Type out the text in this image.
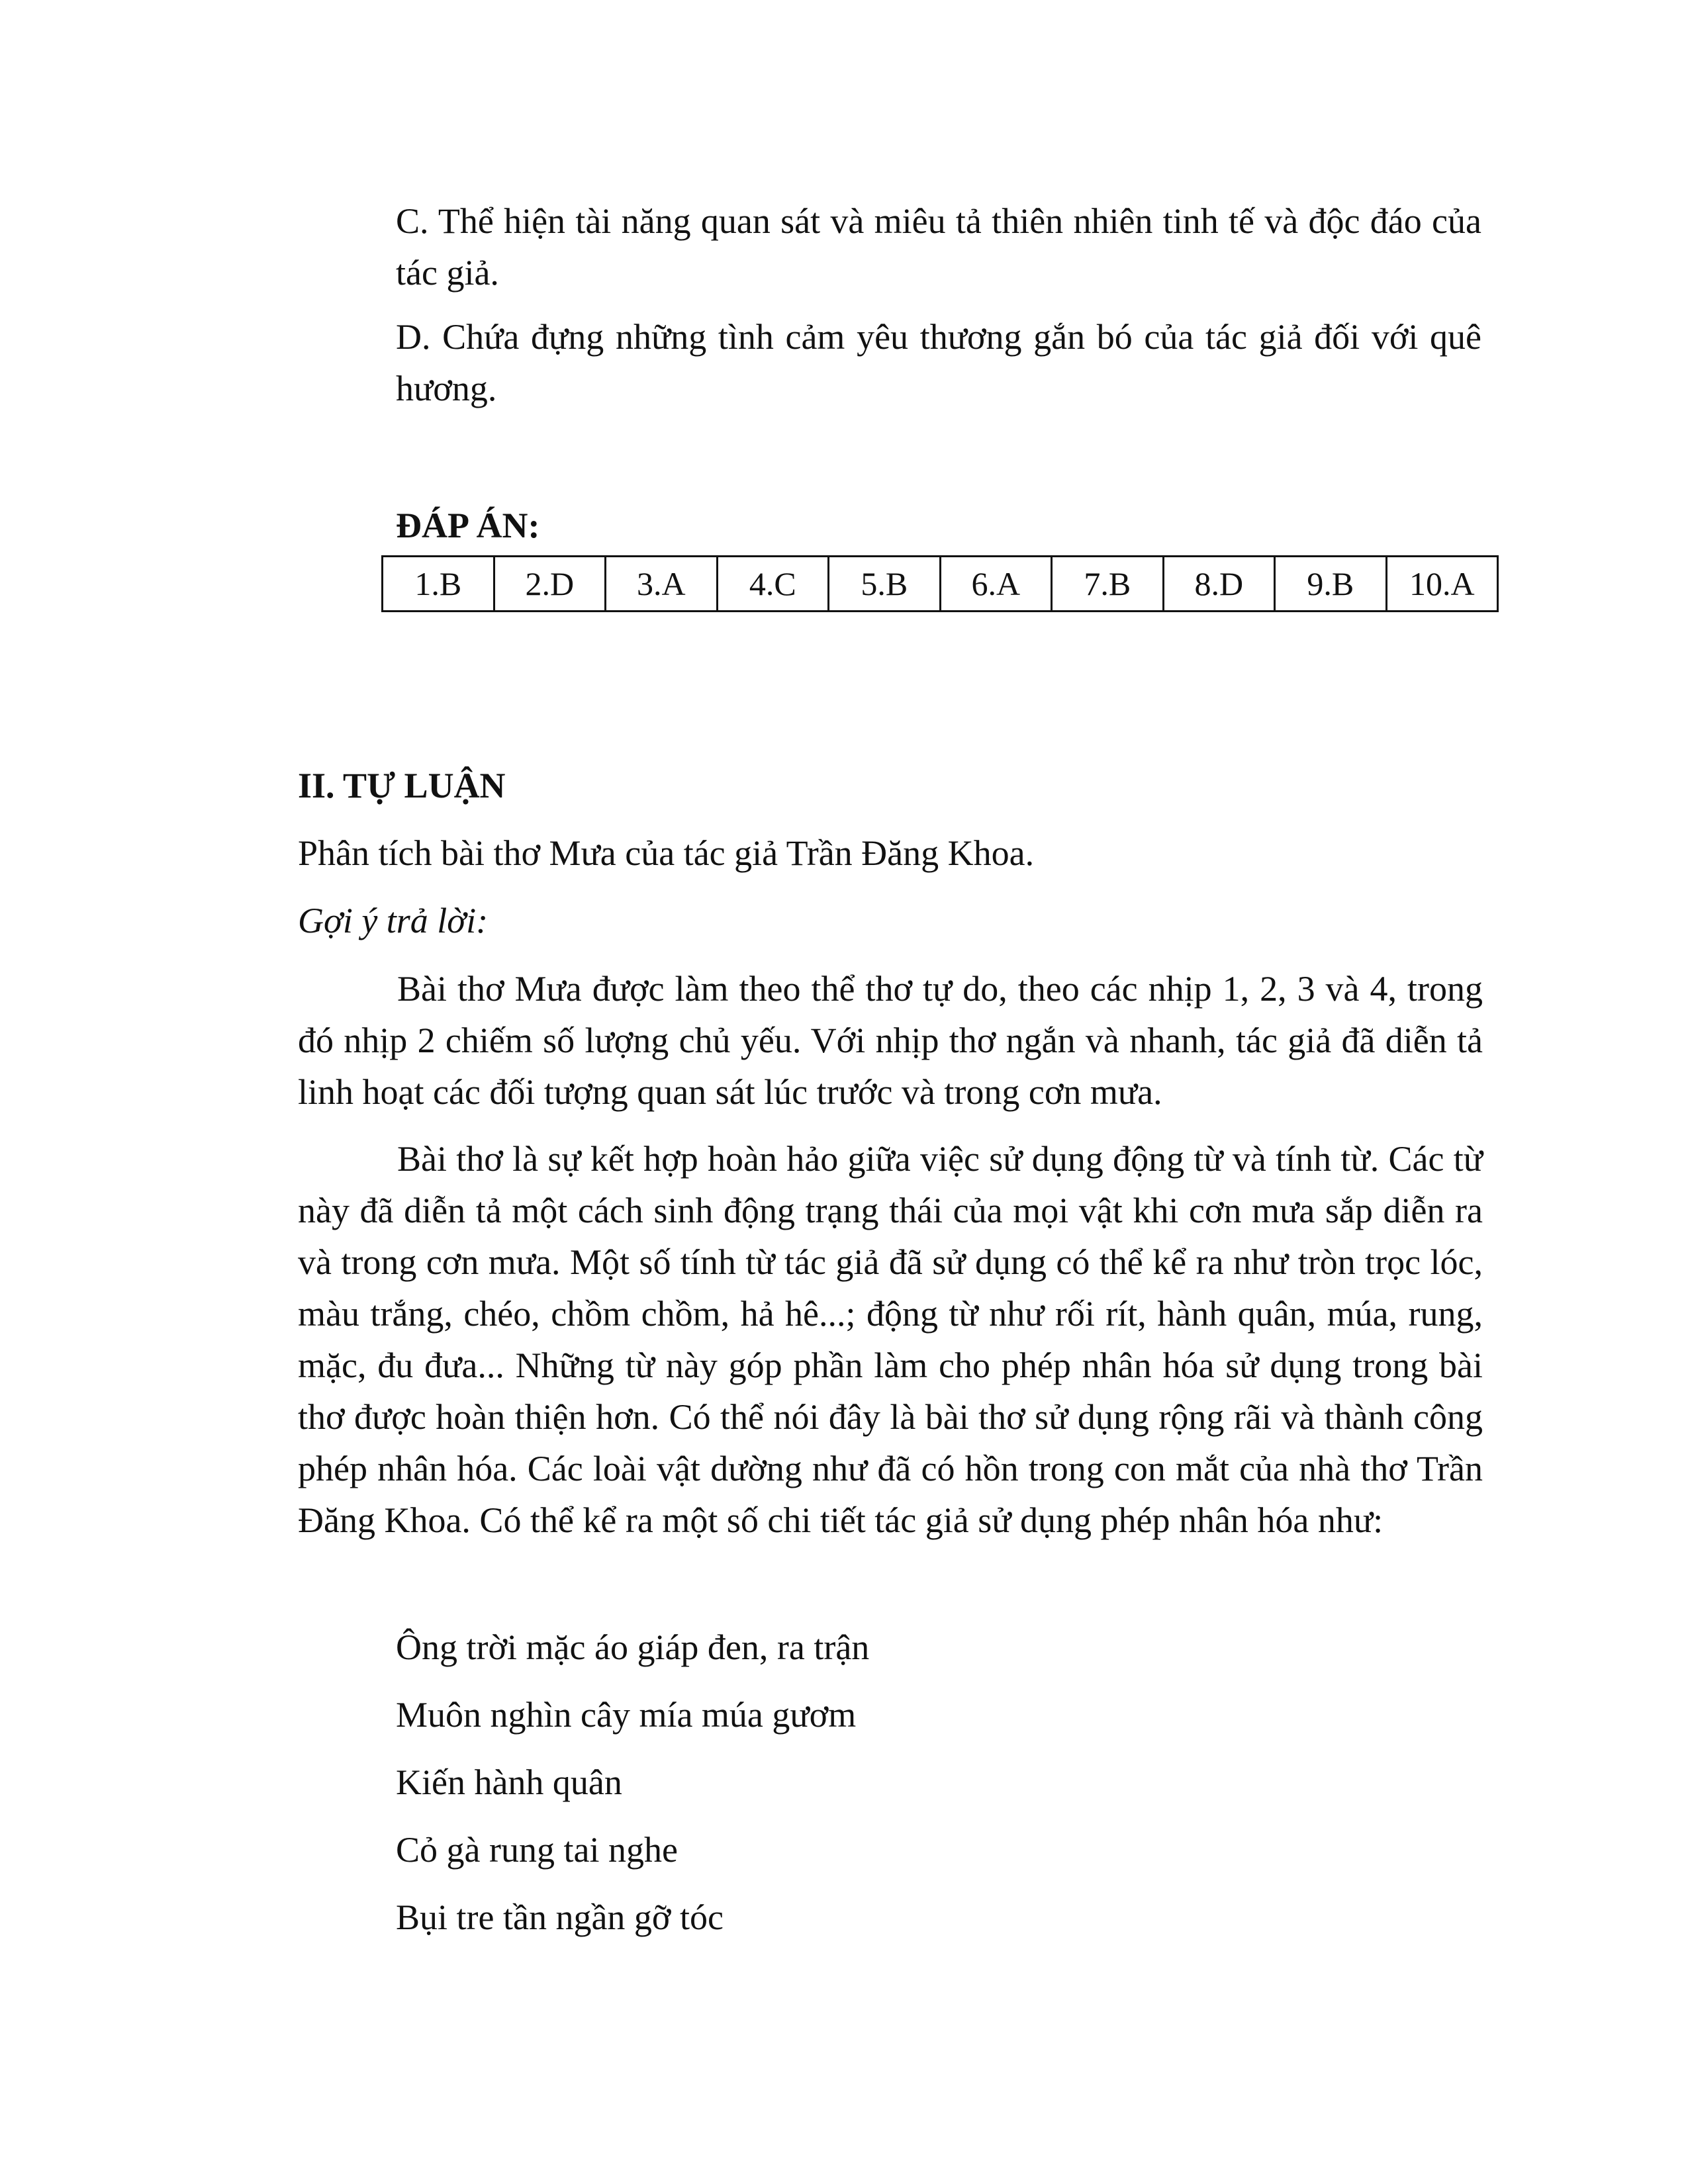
C. Thể hiện tài năng quan sát và miêu tả thiên nhiên tinh tế và độc đáo của tác giả.
D. Chứa đựng những tình cảm yêu thương gắn bó của tác giả đối với quê hương.
ĐÁP ÁN:
1.B	2.D	3.A	4.C	5.B	6.A	7.B	8.D	9.B	10.A
II. TỰ LUẬN
Phân tích bài thơ Mưa của tác giả Trần Đăng Khoa.
Gợi ý trả lời:
Bài thơ Mưa được làm theo thể thơ tự do, theo các nhịp 1, 2, 3 và 4, trong đó nhịp 2 chiếm số lượng chủ yếu. Với nhịp thơ ngắn và nhanh, tác giả đã diễn tả linh hoạt các đối tượng quan sát lúc trước và trong cơn mưa.
Bài thơ là sự kết hợp hoàn hảo giữa việc sử dụng động từ và tính từ. Các từ này đã diễn tả một cách sinh động trạng thái của mọi vật khi cơn mưa sắp diễn ra và trong cơn mưa. Một số tính từ tác giả đã sử dụng có thể kể ra như tròn trọc lóc, màu trắng, chéo, chồm chồm, hả hê...; động từ như rối rít, hành quân, múa, rung, mặc, đu đưa... Những từ này góp phần làm cho phép nhân hóa sử dụng trong bài thơ được hoàn thiện hơn. Có thể nói đây là bài thơ sử dụng rộng rãi và thành công phép nhân hóa. Các loài vật dường như đã có hồn trong con mắt của nhà thơ Trần Đăng Khoa. Có thể kể ra một số chi tiết tác giả sử dụng phép nhân hóa như:
Ông trời mặc áo giáp đen, ra trận
Muôn nghìn cây mía múa gươm
Kiến hành quân
Cỏ gà rung tai nghe
Bụi tre tần ngần gỡ tóc
